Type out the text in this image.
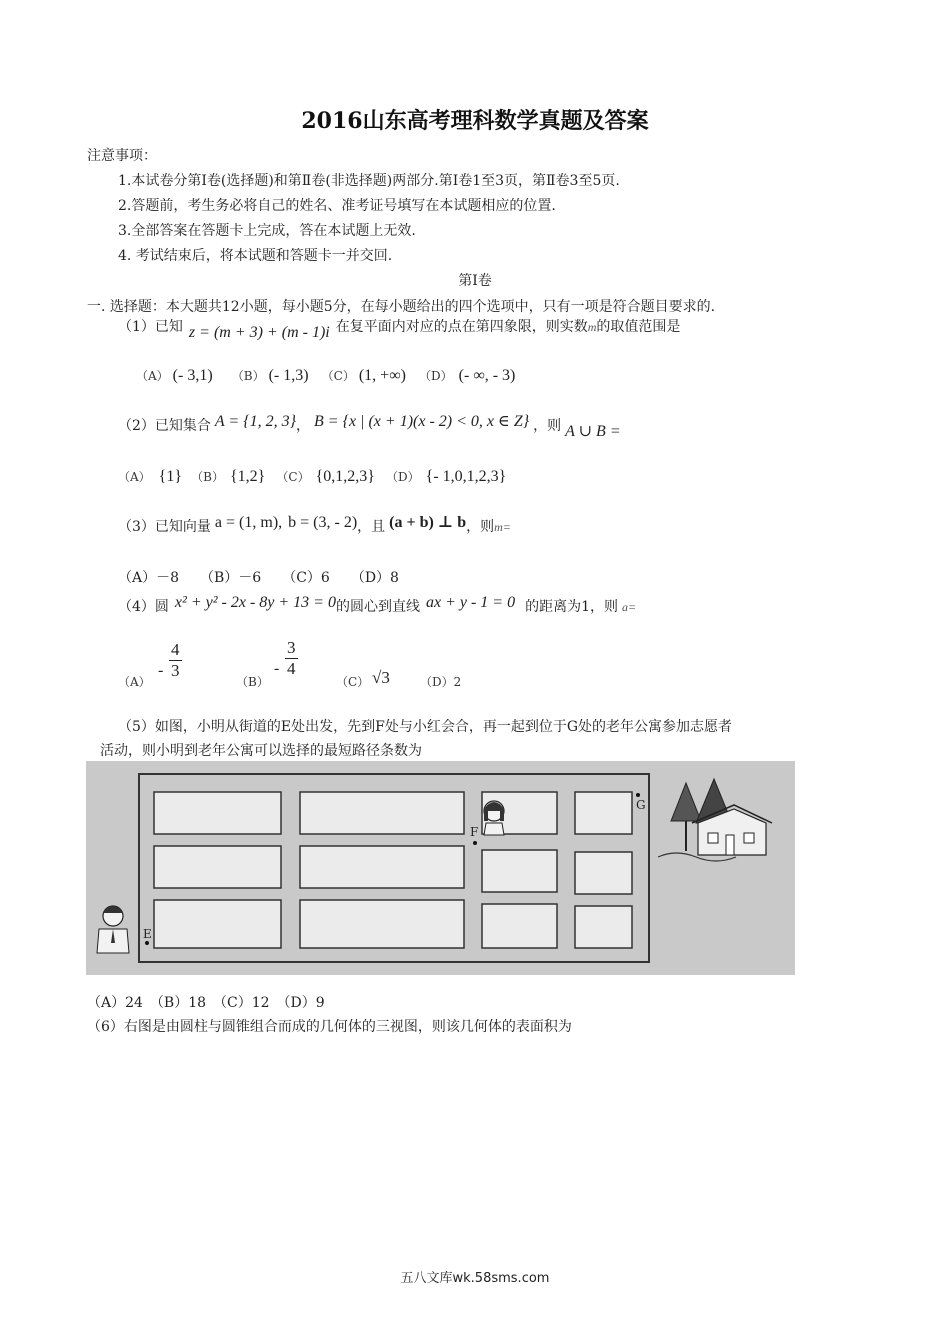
2016山东高考理科数学真题及答案
注意事项：
1.本试卷分第Ⅰ卷(选择题)和第Ⅱ卷(非选择题)两部分.第Ⅰ卷1至3页，第Ⅱ卷3至5页.
2.答题前，考生务必将自己的姓名、准考证号填写在本试题相应的位置.
3.全部答案在答题卡上完成，答在本试题上无效.
4. 考试结束后，将本试题和答题卡一并交回.
第Ⅰ卷
一. 选择题：本大题共12小题，每小题5分，在每小题给出的四个选项中，只有一项是符合题目要求的.
（1）已知 z = (m + 3) + (m - 1)i 在复平面内对应的点在第四象限，则实数m的取值范围是
（A） (- 3,1) （B） (- 1,3) （C） (1, +∞) （D） (- ∞, - 3)
（2）已知集合 A = {1, 2, 3}， B = {x | (x + 1)(x - 2) < 0, x ∈ Z} ，则 A ∪ B =
（A） {1} （B） {1,2} （C） {0,1,2,3} （D） {- 1,0,1,2,3}
（3）已知向量 a = (1, m), b = (3, - 2)，且 (a + b) ⊥ b，则m=
（A）－8　　（B）－6　　（C）6　　（D）8
（4）圆 x² + y² - 2x - 8y + 13 = 0的圆心到直线 ax + y - 1 = 0 的距离为1，则 a=
（A）
- $\frac{4}{3}$
（B）
- $\frac{3}{4}$
（C） √3	（D）2
（5）如图，小明从街道的E处出发，先到F处与小红会合，再一起到位于G处的老年公寓参加志愿者
活动，则小明到老年公寓可以选择的最短路径条数为
E
F
G
（A）24　（B）18　（C）12　（D）9
（6）右图是由圆柱与圆锥组合而成的几何体的三视图，则该几何体的表面积为
五八文库wk.58sms.com
